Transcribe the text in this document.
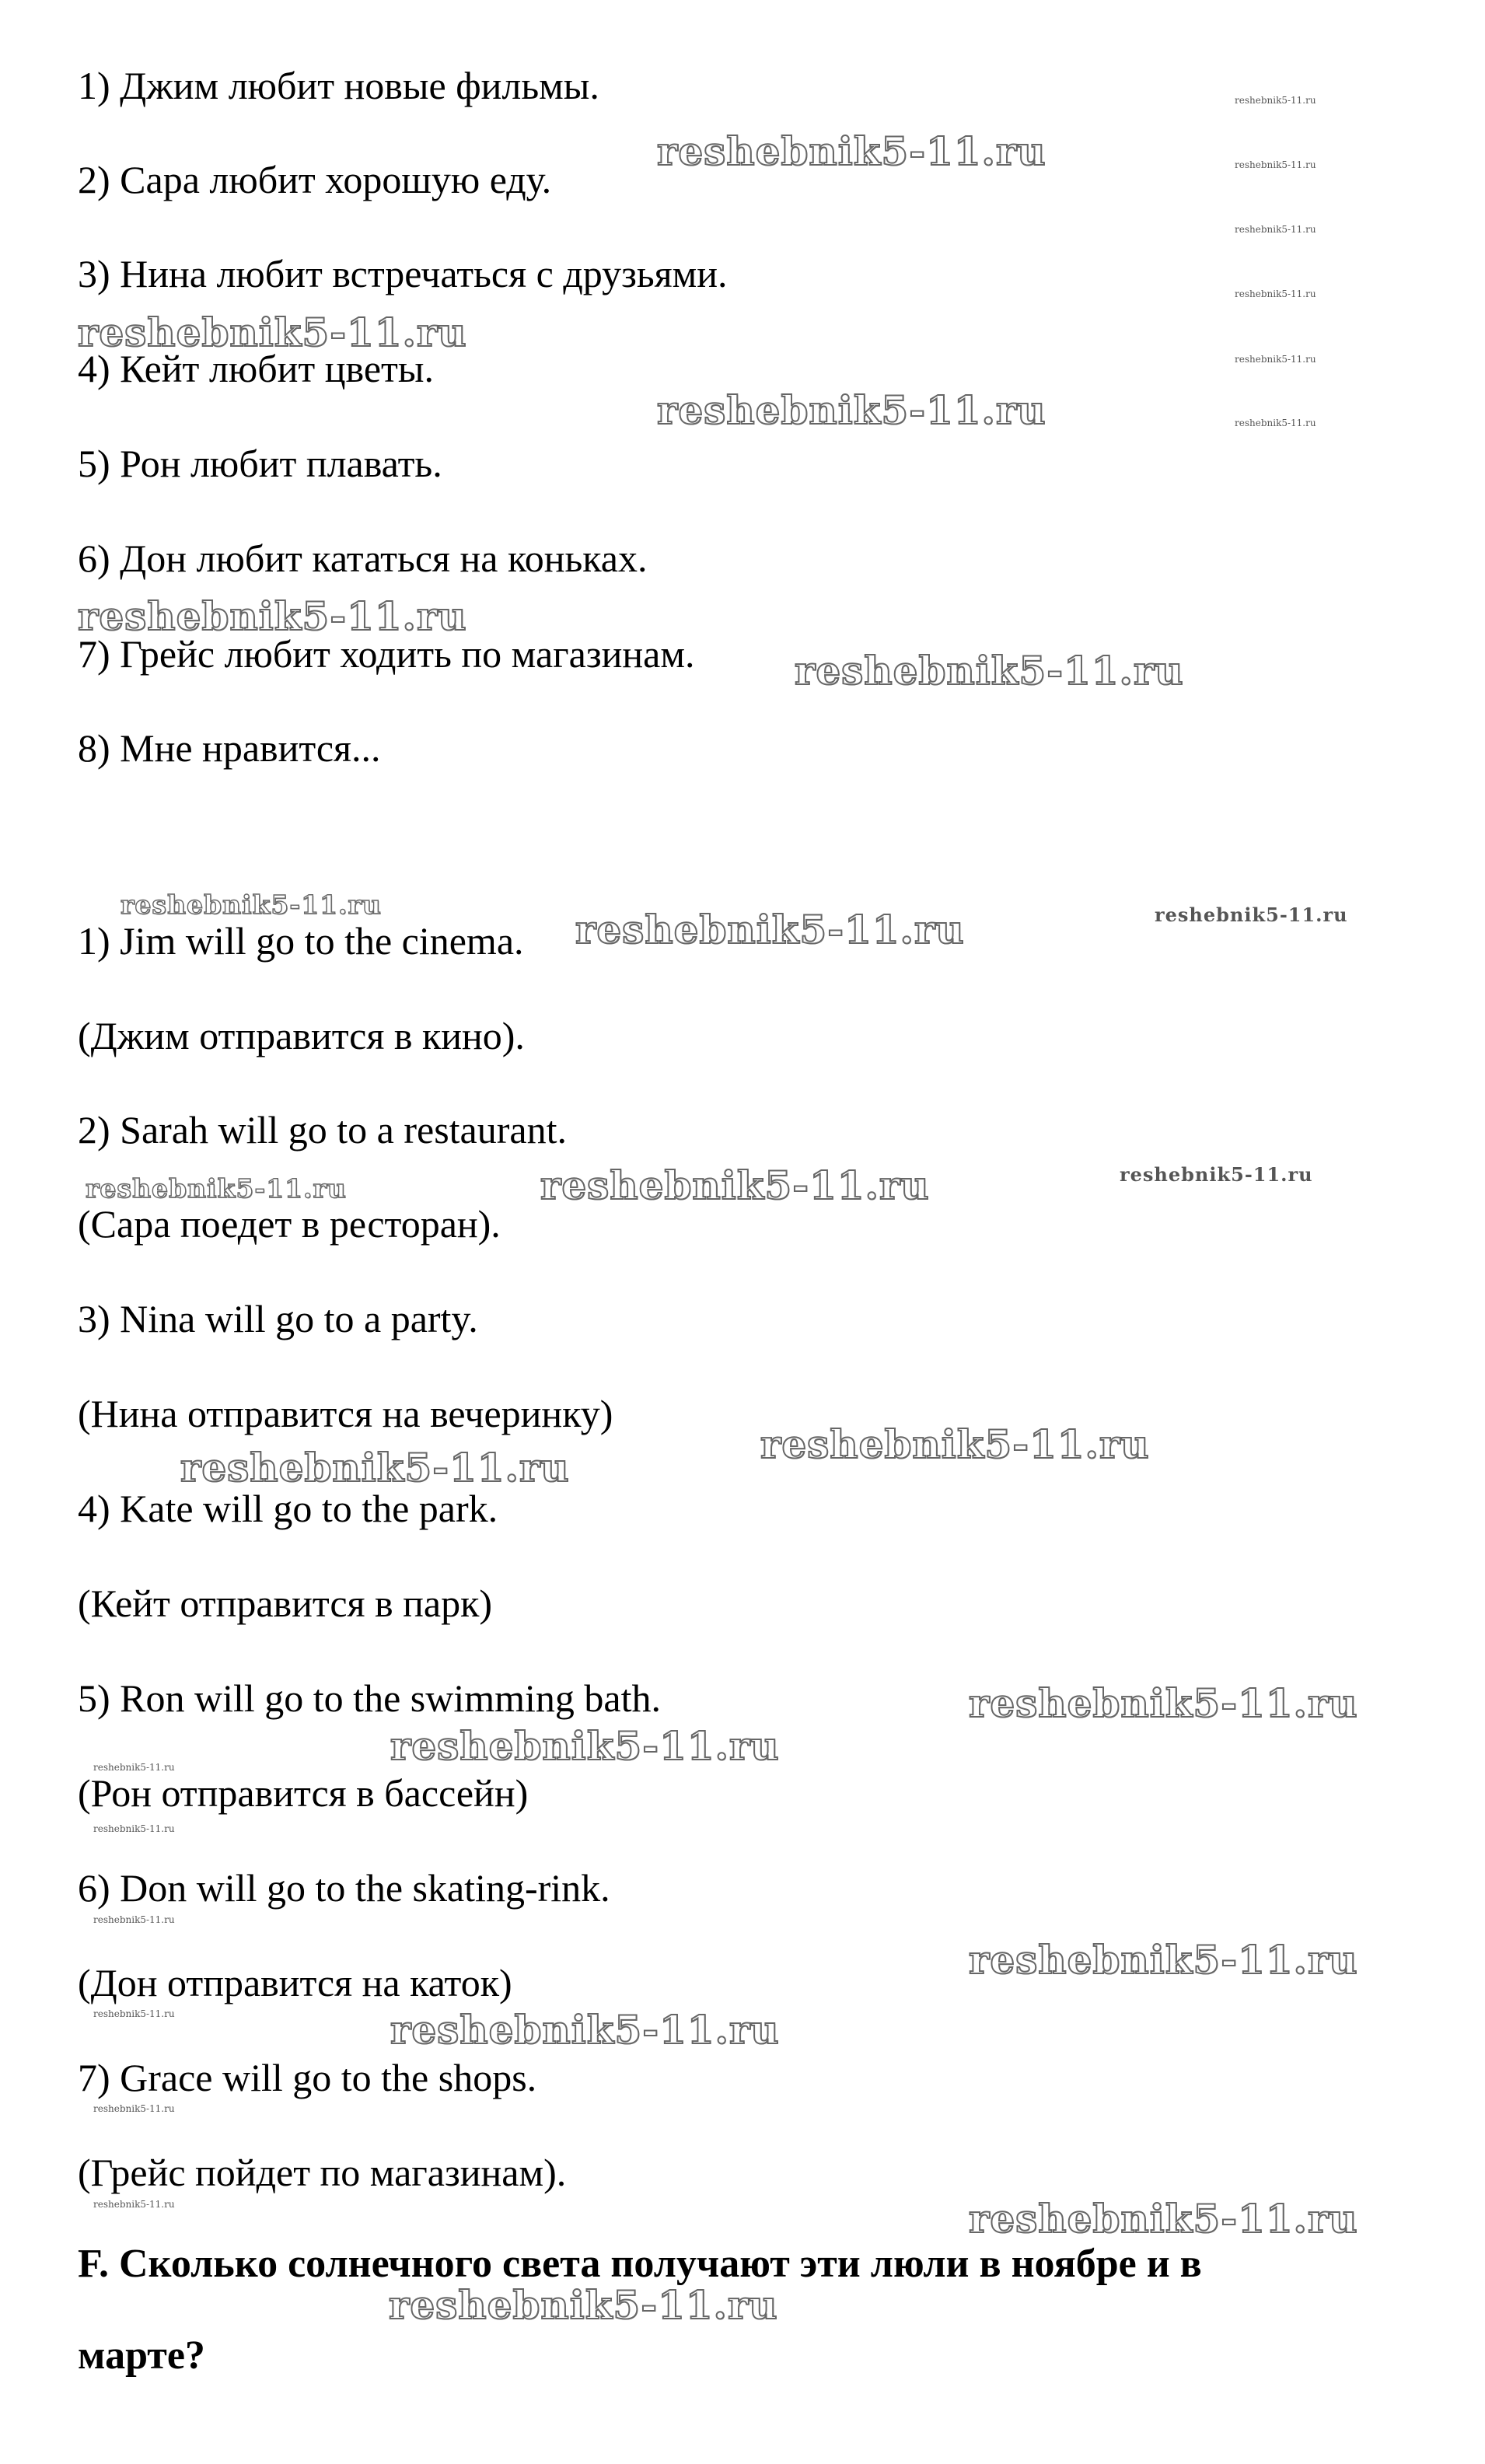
1) Джим любит новые фильмы.

2) Сара любит хорошую еду.

3) Нина любит встречаться с друзьями.

4) Кейт любит цветы.

5) Рон любит плавать.

6) Дон любит кататься на коньках.

7) Грейс любит ходить по магазинам.

8) Мне нравится...

1) Jim will go to the cinema.

(Джим отправится в кино).

2) Sarah will go to a restaurant.

(Сара поедет в ресторан).

3) Nina will go to a party.

(Нина отправится на вечеринку)

4) Kate will go to the park.

(Кейт отправится в парк)

5) Ron will go to the swimming bath.

(Рон отправится в бассейн)

6) Don will go to the skating-rink.

(Дон отправится на каток)

7) Grace will go to the shops.

(Грейс пойдет по магазинам).

F. Сколько солнечного света получают эти люли в ноябре и в

марте?

reshebnik5-11.ru
reshebnik5-11.ru
reshebnik5-11.ru
reshebnik5-11.ru
reshebnik5-11.ru
reshebnik5-11.ru
reshebnik5-11.ru	reshebnik5-11.ru
reshebnik5-11.ru	reshebnik5-11.ru	reshebnik5-11.ru
reshebnik5-11.ru
reshebnik5-11.ru
reshebnik5-11.ru
reshebnik5-11.ru
reshebnik5-11.ru
reshebnik5-11.ru
reshebnik5-11.ru
reshebnik5-11.ru
reshebnik5-11.ru
reshebnik5-11.ru
reshebnik5-11.ru
reshebnik5-11.ru
reshebnik5-11.ru
reshebnik5-11.ru
reshebnik5-11.ru
reshebnik5-11.ru
reshebnik5-11.ru
reshebnik5-11.ru
reshebnik5-11.ru
reshebnik5-11.ru
